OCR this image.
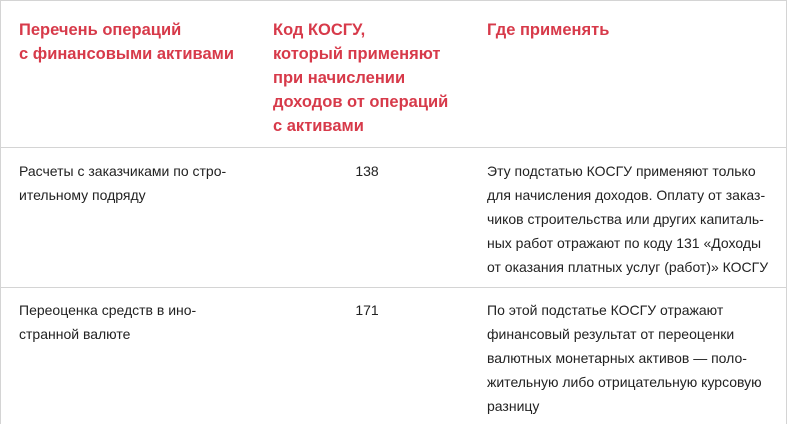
Перечень операций
с финансовыми активами
Код КОСГУ,
который применяют
при начислении
доходов от операций
с активами
Где применять
Расчеты с заказчиками по стро-
ительному подряду
138	Эту подстатью КОСГУ применяют только
для начисления доходов. Оплату от заказ-
чиков строительства или других капиталь-
ных работ отражают по коду 131 «Доходы
от оказания платных услуг (работ)» КОСГУ
Переоценка средств в ино-
странной валюте
171	По этой подстатье КОСГУ отражают
финансовый результат от переоценки
валютных монетарных активов — поло-
жительную либо отрицательную курсовую
разницу
